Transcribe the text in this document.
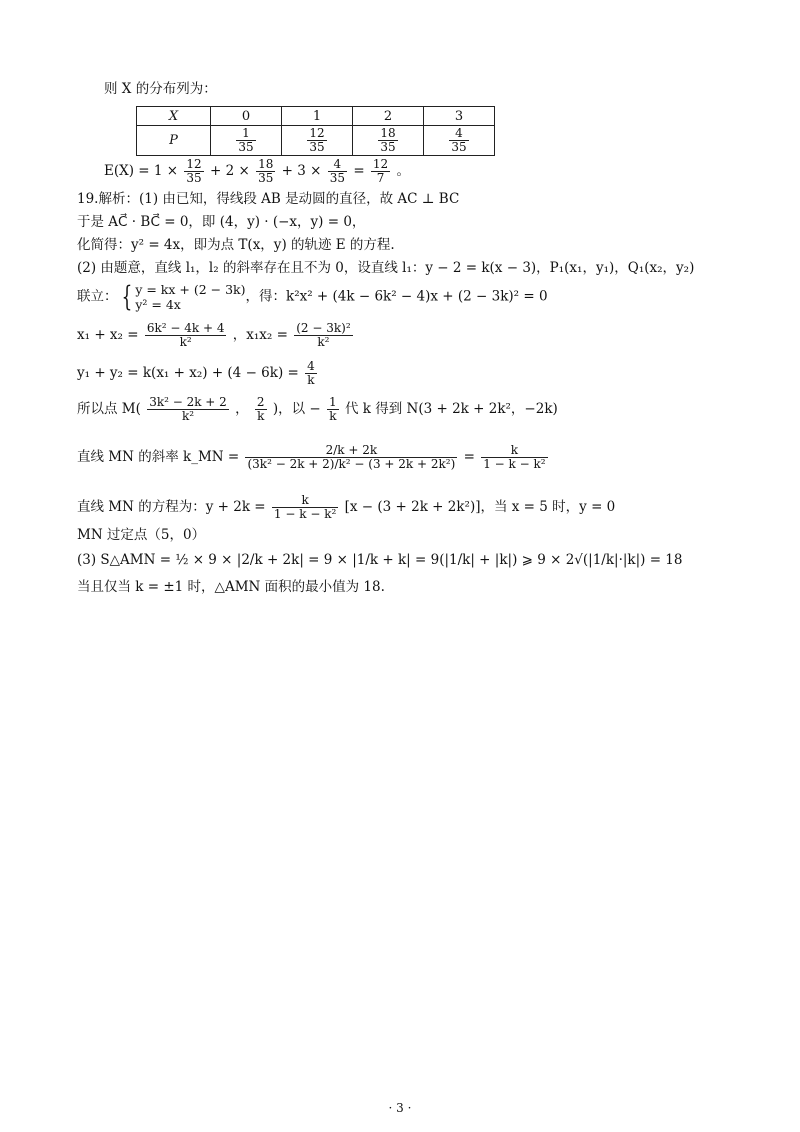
则 X 的分布列为：
X	0	1	2	3
P	$\frac{1}{35}$	$\frac{12}{35}$	$\frac{18}{35}$	$\frac{4}{35}$
$E(X) = 1 \times \frac{12}{35} + 2 \times \frac{18}{35} + 3 \times \frac{4}{35} = \frac{12}{7}$ 。
19.解析：(1) 由已知，得线段 AB 是动圆的直径，故 AC ⊥ BC
于是 AC⃗ · BC⃗ = 0，即 (4，y) · (−x，y) = 0，
化简得：y² = 4x，即为点 T(x，y) 的轨迹 E 的方程.
(2) 由题意，直线 l₁，l₂ 的斜率存在且不为 0，设直线 l₁：y − 2 = k(x − 3)，P₁(x₁，y₁)，Q₁(x₂，y₂)
联立： { y = kx + (2 − 3k)
y² = 4x	，得：k²x² + (4k − 6k² − 4)x + (2 − 3k)² = 0
$x_1 + x_2 = \frac{\text{6k² − 4k + 4}}{\text{k²}}$ ，$x_1x_2 = \frac{\text{(2 − 3k)²}}{\text{k²}}$
$y_1 + y_2 = k(x_1 + x_2) + (4 - 6k) = \frac{4}{k}$
所以点 $M( \frac{\text{3k² − 2k + 2}}{\text{k²}}$ ， $\frac{2}{k}$ )，以 − $\frac{1}{k}$ 代 k 得到 N(3 + 2k + 2k²，−2k)
直线 MN 的斜率 k_MN = $\frac{2/k + 2k}{\text{(3k² − 2k + 2)/k² − (3 + 2k + 2k²)}} = \frac{k}{\text{1 − k − k²}}$
直线 MN 的方程为：$y + 2k = \frac{k}{\text{1 − k − k²}} [x - (3 + 2k + 2k^2)]$，当 x = 5 时，y = 0
MN 过定点（5，0）
(3) S△AMN = ½ × 9 × |2/k + 2k| = 9 × |1/k + k| = 9(|1/k| + |k|) ⩾ 9 × 2√(|1/k|·|k|) = 18
当且仅当 k = ±1 时，△AMN 面积的最小值为 18.
· 3 ·
